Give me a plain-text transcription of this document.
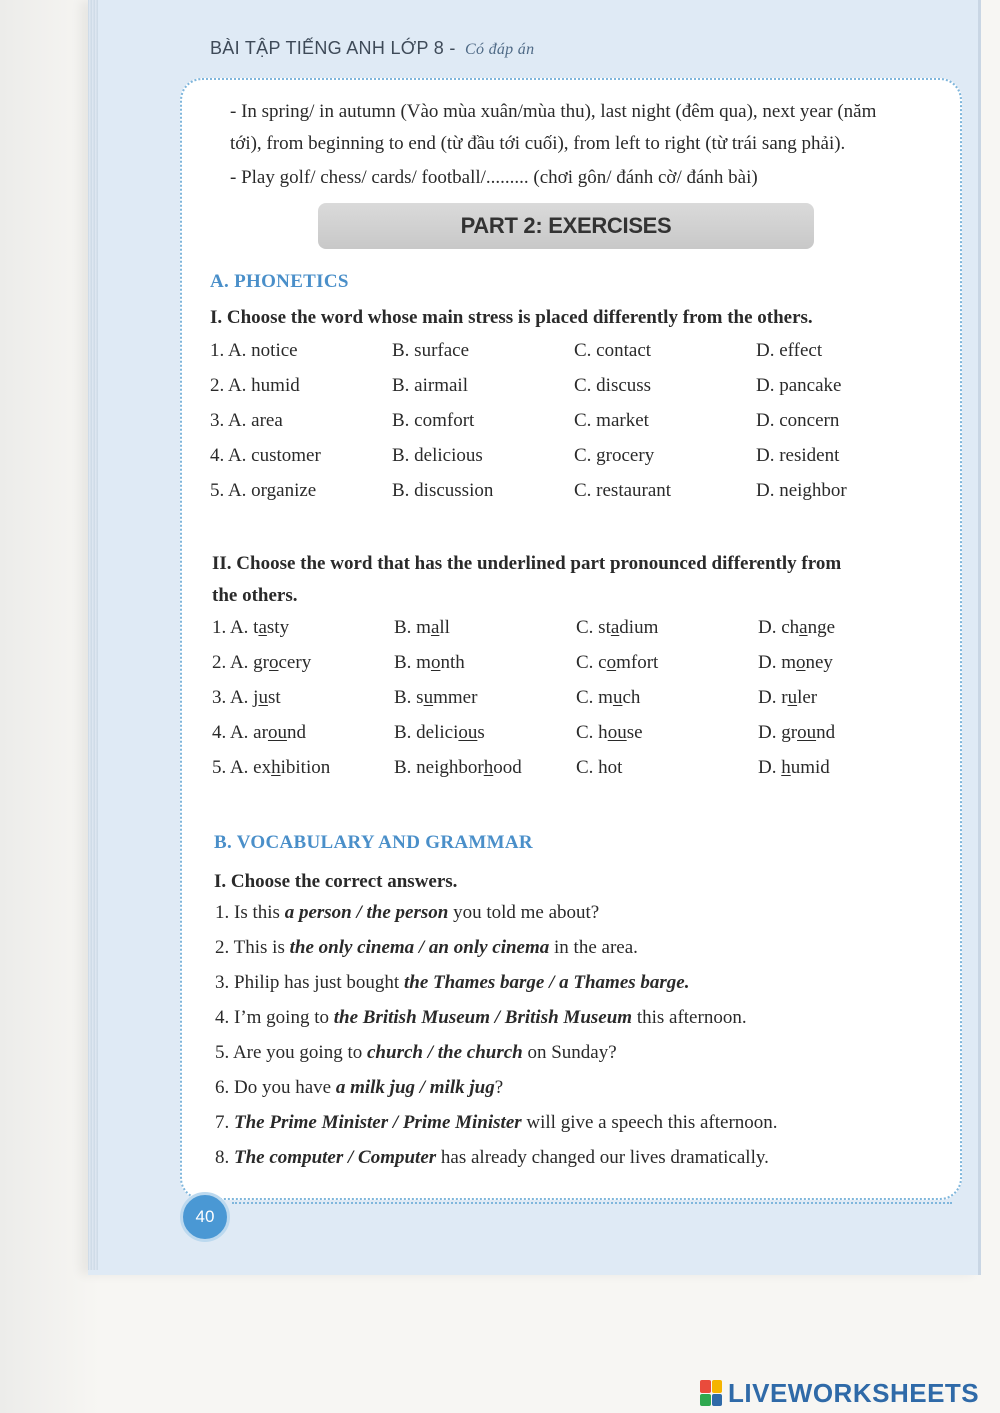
BÀI TẬP TIẾNG ANH LỚP 8 - Có đáp án

- In spring/ in autumn (Vào mùa xuân/mùa thu), last night (đêm qua), next year (năm

tới), from beginning to end (từ đầu tới cuối), from left to right (từ trái sang phải).

- Play golf/ chess/ cards/ football/......... (chơi gôn/ đánh cờ/ đánh bài)

PART 2: EXERCISES
A. PHONETICS
I. Choose the word whose main stress is placed differently from the others.
1. A. notice	B. surface	C. contact	D. effect
2. A. humid	B. airmail	C. discuss	D. pancake
3. A. area	B. comfort	C. market	D. concern
4. A. customer	B. delicious	C. grocery	D. resident
5. A. organize	B. discussion	C. restaurant	D. neighbor
II. Choose the word that has the underlined part pronounced differently from
the others.
1. A. tasty	B. mall	C. stadium	D. change
2. A. grocery	B. month	C. comfort	D. money
3. A. just	B. summer	C. much	D. ruler
4. A. around	B. delicious	C. house	D. ground
5. A. exhibition	B. neighborhood	C. hot	D. humid
B. VOCABULARY AND GRAMMAR
I. Choose the correct answers.
1. Is this a person / the person you told me about?
2. This is the only cinema / an only cinema in the area.
3. Philip has just bought the Thames barge / a Thames barge.
4. I’m going to the British Museum / British Museum this afternoon.
5. Are you going to church / the church on Sunday?
6. Do you have a milk jug / milk jug?
7. The Prime Minister / Prime Minister will give a speech this afternoon.
8. The computer / Computer has already changed our lives dramatically.
40
LIVEWORKSHEETS
